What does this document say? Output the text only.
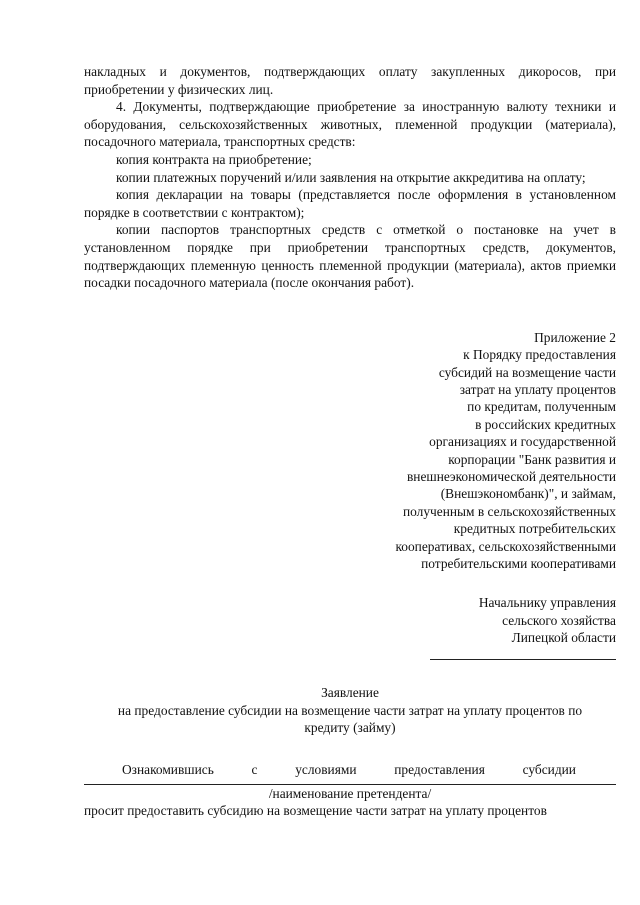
накладных и документов, подтверждающих оплату закупленных дикоросов, при приобретении у физических лиц.

4. Документы, подтверждающие приобретение за иностранную валюту техники и оборудования, сельскохозяйственных животных, племенной продукции (материала), посадочного материала, транспортных средств:

копия контракта на приобретение;

копии платежных поручений и/или заявления на открытие аккредитива на оплату;

копия декларации на товары (представляется после оформления в установленном порядке в соответствии с контрактом);

копии паспортов транспортных средств с отметкой о постановке на учет в установленном порядке при приобретении транспортных средств, документов, подтверждающих племенную ценность племенной продукции (материала), актов приемки посадки посадочного материала (после окончания работ).

Приложение 2
к Порядку предоставления
субсидий на возмещение части
затрат на уплату процентов
по кредитам, полученным
в российских кредитных
организациях и государственной
корпорации "Банк развития и
внешнеэкономической деятельности
(Внешэкономбанк)", и займам,
полученным в сельскохозяйственных
кредитных потребительских
кооперативах, сельскохозяйственными
потребительскими кооперативами
Начальнику управления
сельского хозяйства
Липецкой области
Заявление
на предоставление субсидии на возмещение части затрат на уплату процентов по
кредиту (займу)
Ознакомившись	с	условиями	предоставления	субсидии
/наименование претендента/

просит предоставить субсидию на возмещение части затрат на уплату процентов
